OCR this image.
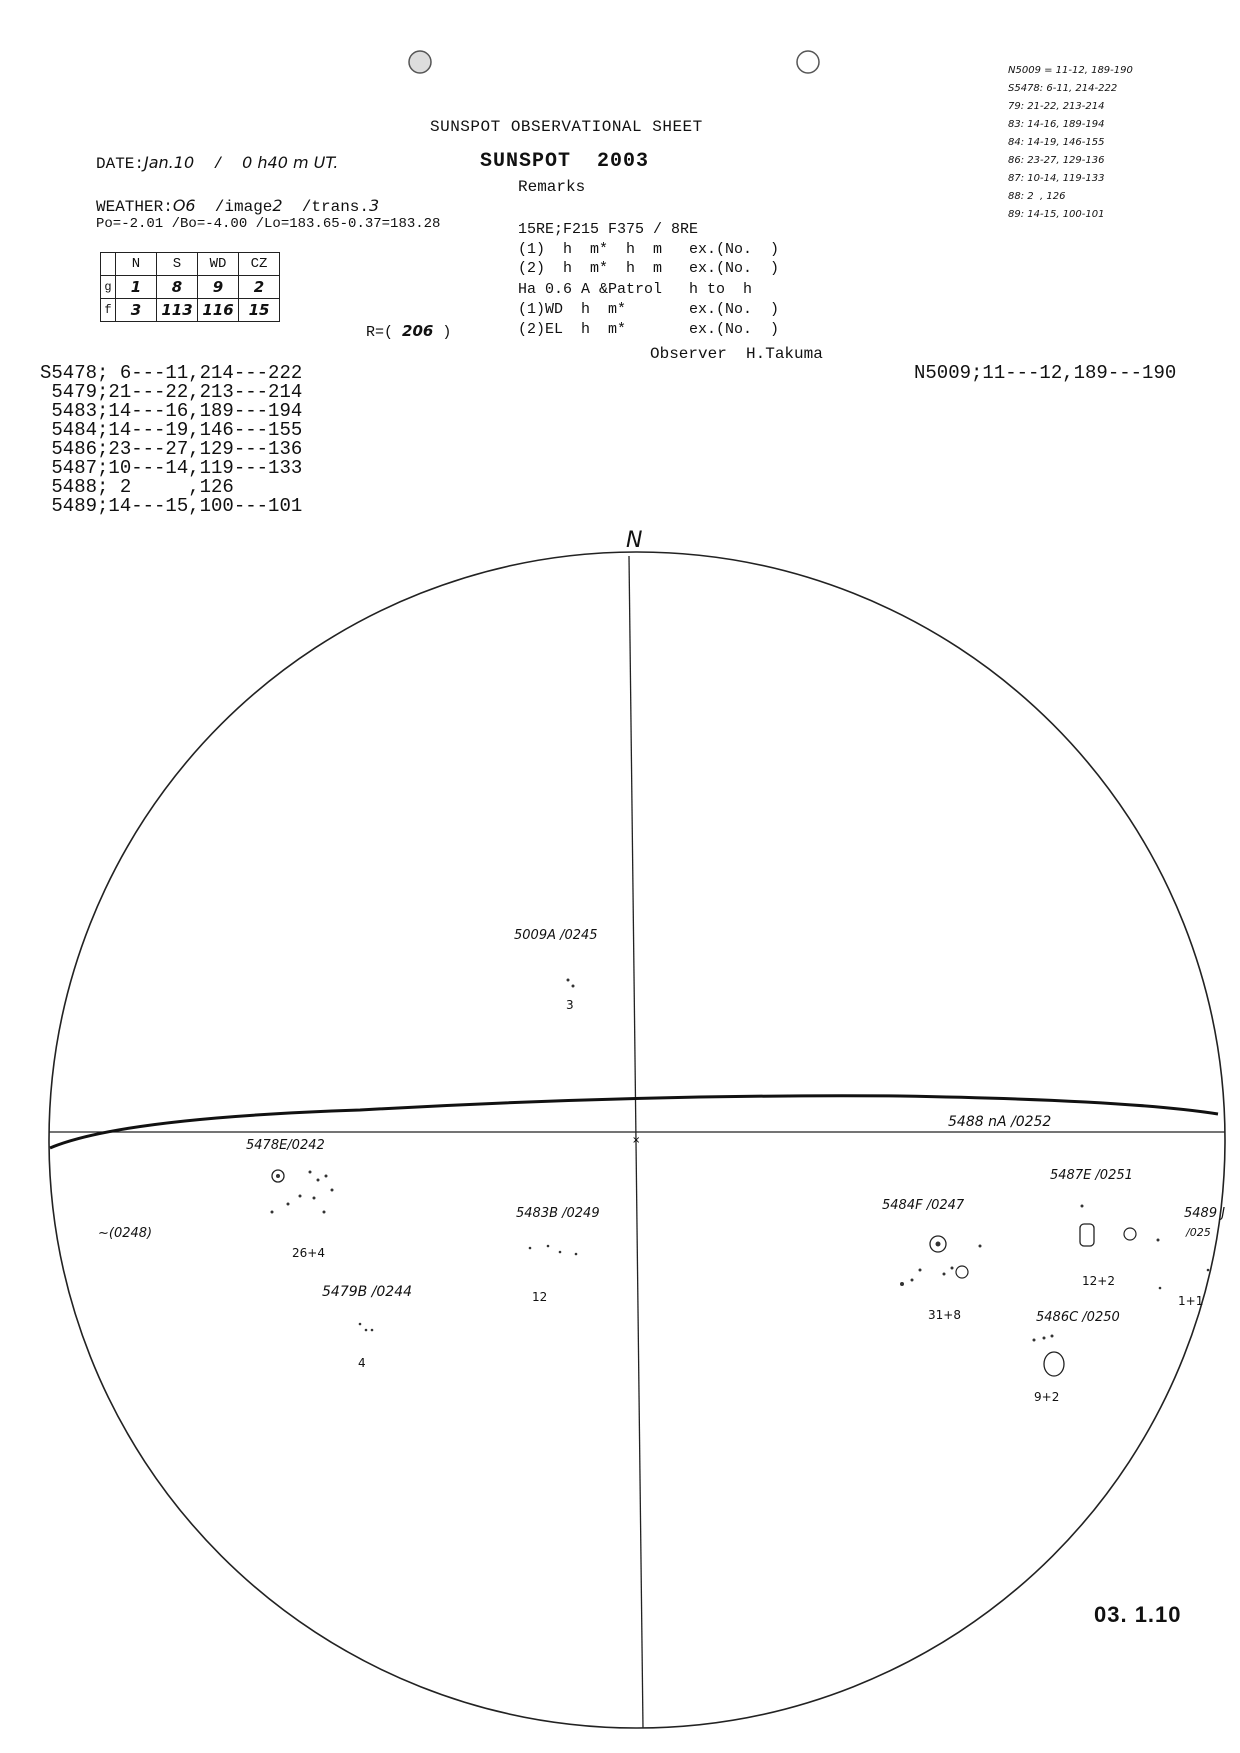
N5009 = 11-12, 189-190
S5478: 6-11, 214-222
79: 21-22, 213-214
83: 14-16, 189-194
84: 14-19, 146-155
86: 23-27, 129-136
87: 10-14, 119-133
88: 2  , 126
89: 14-15, 100-101
SUNSPOT OBSERVATIONAL SHEET
SUNSPOT 2003
Remarks
DATE:Jan.10  /  0 h40 m UT.
WEATHER:O6 /image2 /trans.3
Po=-2.01 /Bo=-4.00 /Lo=183.65-0.37=183.28
	N	S	WD	CZ
g	1	8	9	2
f	3	113	116	15
R=( 206 )
15RE;F215 F375 / 8RE
(1)  h  m*  h  m   ex.(No.  )
(2)  h  m*  h  m   ex.(No.  )
Ha 0.6 A &Patrol   h to  h
(1)WD  h  m*       ex.(No.  )
(2)EL  h  m*       ex.(No.  )
Observer  H.Takuma
S5478; 6---11,214---222
5479;21---22,213---214
5483;14---16,189---194
5484;14---19,146---155
5486;23---27,129---136
5487;10---14,119---133
5488; 2     ,126
5489;14---15,100---101
N5009;11---12,189---190
×
N
5009A /0245
3
5488 nA /0252
5478E/0242
26+4
5479B /0244
4
5483B /0249
12
5484F /0247
31+8
5487E /0251
12+2
5486C /0250
9+2
5489 J
/025
1+1
~(0248)
03. 1.10
